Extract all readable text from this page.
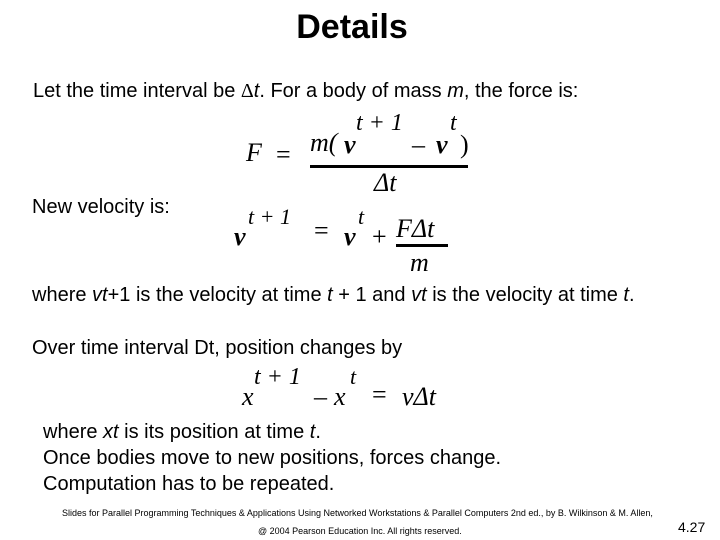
Details
Let the time interval be Δt. For a body of mass m, the force is:
F = m( v
t + 1
– v
t
)
Δt
New velocity is:
v
t + 1 = v
t
+ FΔt
m
where vt+1 is the velocity at time t + 1 and vt is the velocity at time t.
Over time interval Dt, position changes by
x
t + 1
– x
t
= vΔt
where xt is its position at time t.
Once bodies move to new positions, forces change.
Computation has to be repeated.
Slides for Parallel Programming Techniques & Applications Using Networked Workstations & Parallel Computers 2nd ed., by B. Wilkinson & M. Allen,
@ 2004 Pearson Education Inc. All rights reserved.	4.27
